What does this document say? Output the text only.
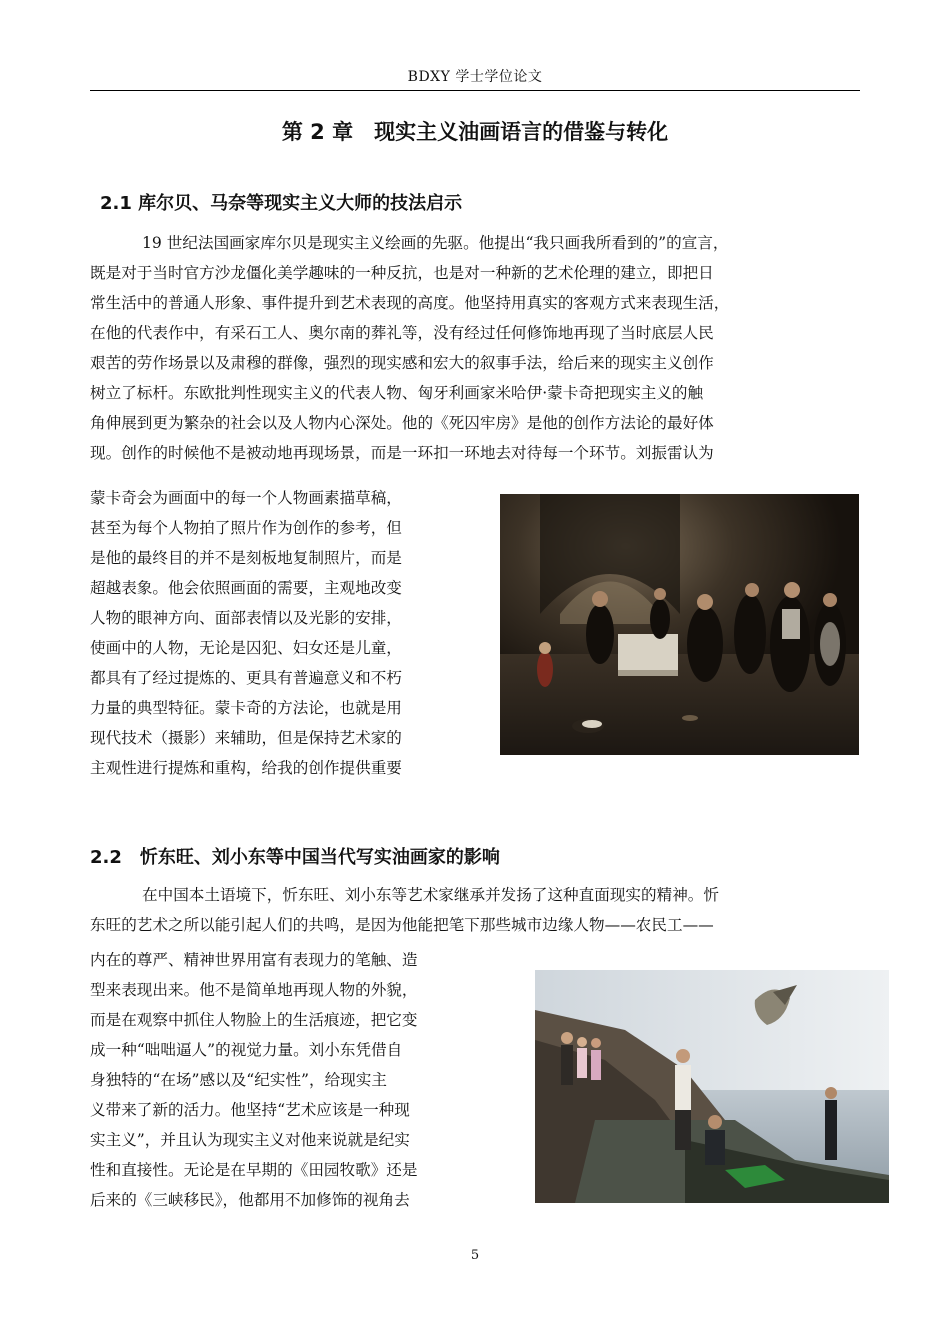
BDXY 学士学位论文
第 2 章　现实主义油画语言的借鉴与转化
2.1 库尔贝、马奈等现实主义大师的技法启示
19 世纪法国画家库尔贝是现实主义绘画的先驱。他提出“我只画我所看到的”的宣言，
既是对于当时官方沙龙僵化美学趣味的一种反抗，也是对一种新的艺术伦理的建立，即把日
常生活中的普通人形象、事件提升到艺术表现的高度。他坚持用真实的客观方式来表现生活，
在他的代表作中，有采石工人、奥尔南的葬礼等，没有经过任何修饰地再现了当时底层人民
艰苦的劳作场景以及肃穆的群像，强烈的现实感和宏大的叙事手法，给后来的现实主义创作
树立了标杆。东欧批判性现实主义的代表人物、匈牙利画家米哈伊·蒙卡奇把现实主义的触
角伸展到更为繁杂的社会以及人物内心深处。他的《死囚牢房》是他的创作方法论的最好体
现。创作的时候他不是被动地再现场景，而是一环扣一环地去对待每一个环节。刘振雷认为
蒙卡奇会为画面中的每一个人物画素描草稿，
甚至为每个人物拍了照片作为创作的参考，但
是他的最终目的并不是刻板地复制照片，而是
超越表象。他会依照画面的需要，主观地改变
人物的眼神方向、面部表情以及光影的安排，
使画中的人物，无论是囚犯、妇女还是儿童，
都具有了经过提炼的、更具有普遍意义和不朽
力量的典型特征。蒙卡奇的方法论，也就是用
现代技术（摄影）来辅助，但是保持艺术家的
主观性进行提炼和重构，给我的创作提供重要
2.2　忻东旺、刘小东等中国当代写实油画家的影响
在中国本土语境下，忻东旺、刘小东等艺术家继承并发扬了这种直面现实的精神。忻
东旺的艺术之所以能引起人们的共鸣，是因为他能把笔下那些城市边缘人物——农民工——
内在的尊严、精神世界用富有表现力的笔触、造
型来表现出来。他不是简单地再现人物的外貌，
而是在观察中抓住人物脸上的生活痕迹，把它变
成一种“咄咄逼人”的视觉力量。刘小东凭借自
身独特的“在场”感以及“纪实性”，给现实主
义带来了新的活力。他坚持“艺术应该是一种现
实主义”，并且认为现实主义对他来说就是纪实
性和直接性。无论是在早期的《田园牧歌》还是
后来的《三峡移民》，他都用不加修饰的视角去
5
